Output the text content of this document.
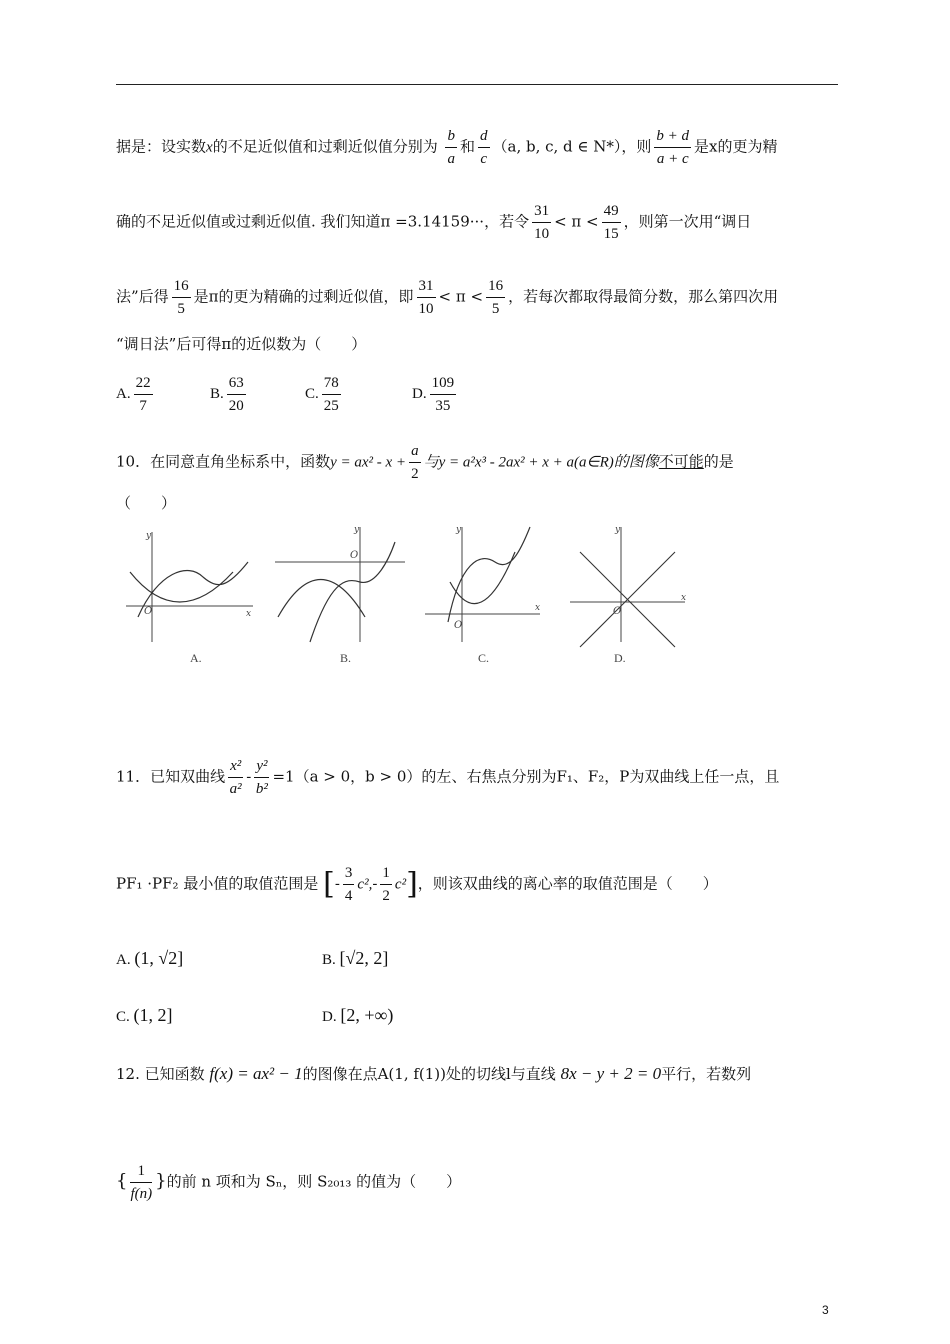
据是：设实数x的不足近似值和过剩近似值分别为 $\frac{b}{a}$ 和 $\frac{d}{c} (a$, b, c, d ∈ N*），则 $\frac{b + d}{a + c}$ 是x的更为精
确的不足近似值或过剩近似值. 我们知道π =3.14159···，若令 $\frac{31}{10} < \pi < \frac{49}{15}$ ，则第一次用“调日
法”后得 $\frac{16}{5}$ 是π的更为精确的过剩近似值，即 $\frac{31}{10} < \pi < \frac{16}{5}$ ，若每次都取得最简分数，那么第四次用
“调日法”后可得π的近似数为（　　）
A. $\frac{22}{7}$	B. $\frac{63}{20}$	C. $\frac{78}{25}$	D. $\frac{109}{35}$
10．在同意直角坐标系中，函数$y = ax^2 - x + \frac{a}{2}$ 与y = a²x³ - 2ax² + x + a(a∈R)的图像不可能的是
（　　）
O
y
x
O
y
O
y
x	O
y
x
A.	B.	C.	D.
11．已知双曲线 $\frac{\text{x²}}{\text{a²}} - \frac{\text{y²}}{\text{b²}} =1(a > 0$，b > 0）的左、右焦点分别为F₁、F₂，P为双曲线上任一点，且
PF₁ ·PF₂ 最小值的取值范围是 [- $\frac{3}{4} c^2,- \frac{1}{2} c^2$]，则该双曲线的离心率的取值范围是（　　）
A. (1, √2]	B. [√2, 2]
C. (1, 2]	D. [2, +∞)
12. 已知函数 f(x) = ax² − 1的图像在点A(1, f(1))处的切线l与直线 8x − y + 2 = 0平行，若数列
{ $\frac{1}{f(n)}$ }的前 n 项和为 Sₙ，则 S₂₀₁₃ 的值为（　　）
3
